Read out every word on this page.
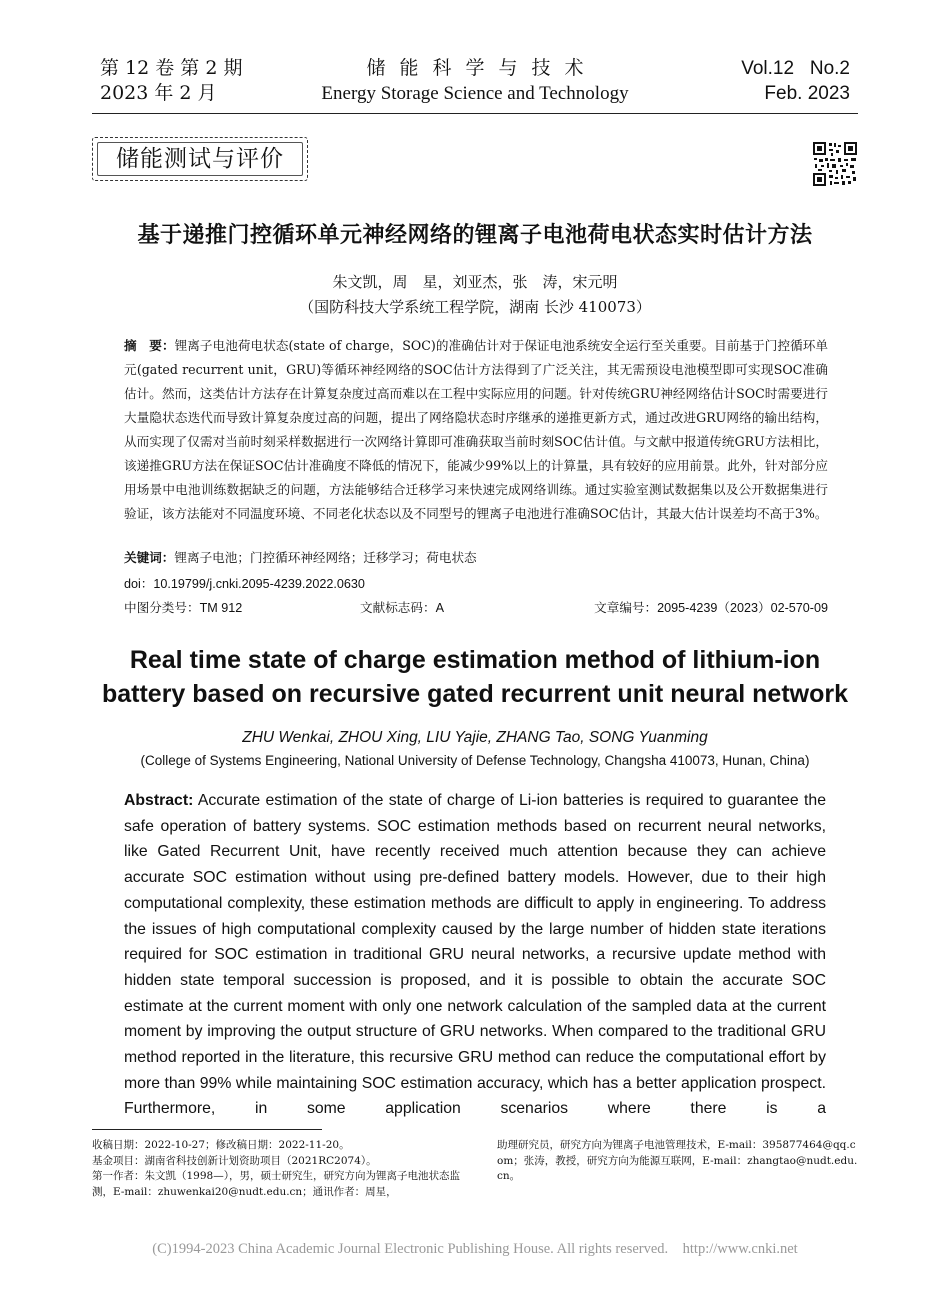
第 12 卷 第 2 期
2023 年 2 月
储能科学与技术
Energy Storage Science and Technology
Vol.12   No.2
Feb. 2023
储能测试与评价
基于递推门控循环单元神经网络的锂离子电池荷电状态实时估计方法
朱文凯，周　星，刘亚杰，张　涛，宋元明
（国防科技大学系统工程学院，湖南 长沙 410073）
摘　要：锂离子电池荷电状态(state of charge，SOC)的准确估计对于保证电池系统安全运行至关重要。目前基于门控循环单元(gated recurrent unit，GRU)等循环神经网络的SOC估计方法得到了广泛关注，其无需预设电池模型即可实现SOC准确估计。然而，这类估计方法存在计算复杂度过高而难以在工程中实际应用的问题。针对传统GRU神经网络估计SOC时需要进行大量隐状态迭代而导致计算复杂度过高的问题，提出了网络隐状态时序继承的递推更新方式，通过改进GRU网络的输出结构，从而实现了仅需对当前时刻采样数据进行一次网络计算即可准确获取当前时刻SOC估计值。与文献中报道传统GRU方法相比，该递推GRU方法在保证SOC估计准确度不降低的情况下，能减少99%以上的计算量，具有较好的应用前景。此外，针对部分应用场景中电池训练数据缺乏的问题，方法能够结合迁移学习来快速完成网络训练。通过实验室测试数据集以及公开数据集进行验证，该方法能对不同温度环境、不同老化状态以及不同型号的锂离子电池进行准确SOC估计，其最大估计误差均不高于3%。
关键词：锂离子电池；门控循环神经网络；迁移学习；荷电状态
doi：10.19799/j.cnki.2095-4239.2022.0630
中图分类号：TM 912	文献标志码：A	文章编号：2095-4239（2023）02-570-09
Real time state of charge estimation method of lithium-ion
battery based on recursive gated recurrent unit neural network
ZHU Wenkai, ZHOU Xing, LIU Yajie, ZHANG Tao, SONG Yuanming
(College of Systems Engineering, National University of Defense Technology, Changsha 410073, Hunan, China)
Abstract: Accurate estimation of the state of charge of Li-ion batteries is required to guarantee the safe operation of battery systems. SOC estimation methods based on recurrent neural networks, like Gated Recurrent Unit, have recently received much attention because they can achieve accurate SOC estimation without using pre-defined battery models. However, due to their high computational complexity, these estimation methods are difficult to apply in engineering. To address the issues of high computational complexity caused by the large number of hidden state iterations required for SOC estimation in traditional GRU neural networks, a recursive update method with hidden state temporal succession is proposed, and it is possible to obtain the accurate SOC estimate at the current moment with only one network calculation of the sampled data at the current moment by improving the output structure of GRU networks. When compared to the traditional GRU method reported in the literature, this recursive GRU method can reduce the computational effort by more than 99% while maintaining SOC estimation accuracy, which has a better application prospect. Furthermore, in some application scenarios where there is a
收稿日期：2022-10-27；修改稿日期：2022-11-20。
基金项目：湖南省科技创新计划资助项目（2021RC2074）。
第一作者：朱文凯（1998—），男，硕士研究生，研究方向为锂离子电池状态监测，E-mail：zhuwenkai20@nudt.edu.cn；通讯作者：周星，
助理研究员，研究方向为锂离子电池管理技术，E-mail：395877464@qq.com；张涛，教授，研究方向为能源互联网，E-mail：zhangtao@nudt.edu.cn。
(C)1994-2023 China Academic Journal Electronic Publishing House. All rights reserved.    http://www.cnki.net
